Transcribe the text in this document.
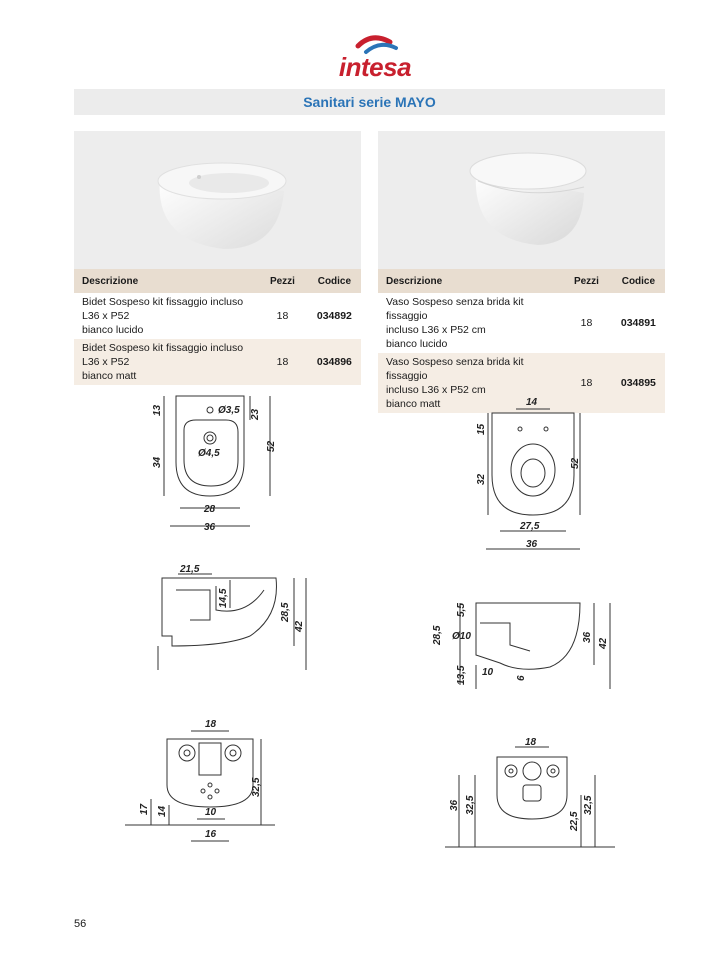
intesa
Sanitari serie MAYO
Descrizione	Pezzi	Codice

Bidet Sospeso kit fissaggio incluso
L36 x P52
bianco lucido	18	034892

Bidet Sospeso kit fissaggio incluso
L36 x P52
bianco matt	18	034896
Descrizione	Pezzi	Codice

Vaso Sospeso senza brida kit fissaggio
incluso L36 x P52 cm
bianco lucido	18	034891

Vaso Sospeso senza brida kit fissaggio
incluso L36 x P52 cm
bianco matt	18	034895
13
34
Ø3,5
Ø4,5
23
52
28
36
14
15
32
52
27,5
36
21,5
14,5
28,5
42
5,5
28,5 Ø10
13,5 10
6
36
42
18
32,5
17 14	10
16
18
36 32,5
22,5
32,5
56
